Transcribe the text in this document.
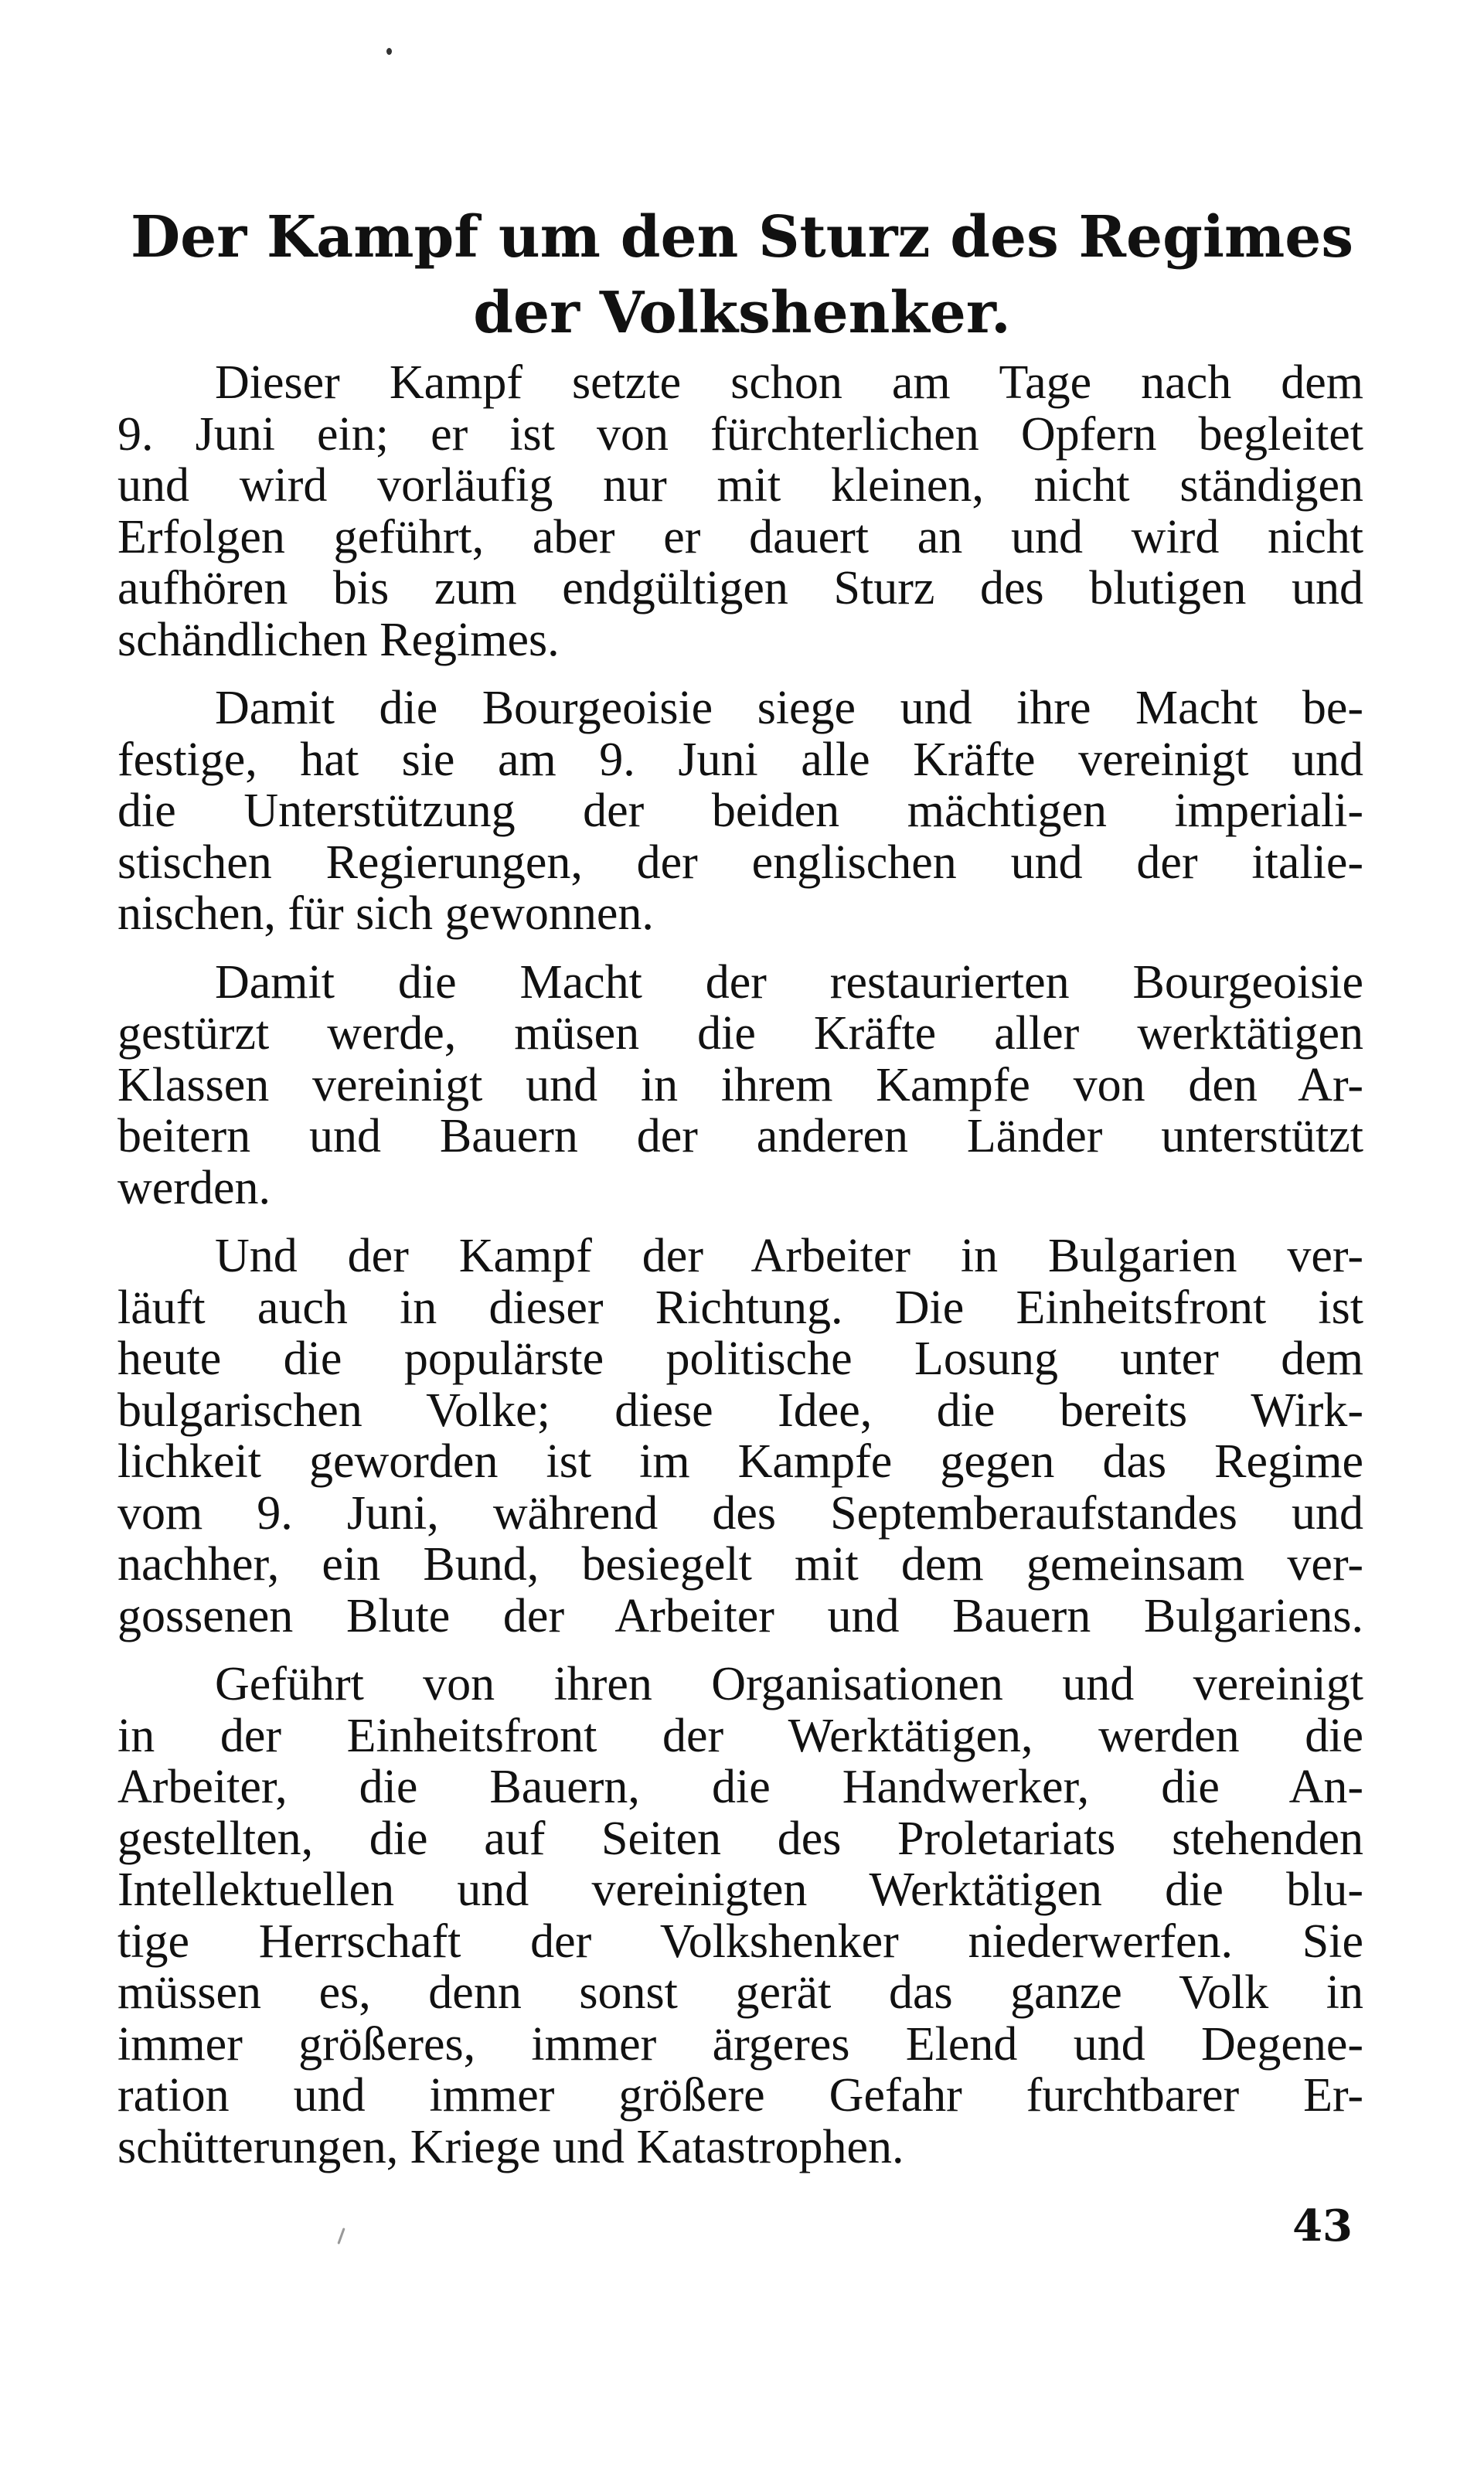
Der Kampf um den Sturz des Regimes
der Volkshenker.

Dieser Kampf setzte schon am Tage nach dem
9. Juni ein; er ist von fürchterlichen Opfern begleitet
und wird vorläufig nur mit kleinen, nicht ständigen
Erfolgen geführt, aber er dauert an und wird nicht
aufhören bis zum endgültigen Sturz des blutigen und
schändlichen Regimes.

Damit die Bourgeoisie siege und ihre Macht be-
festige, hat sie am 9. Juni alle Kräfte vereinigt und
die Unterstützung der beiden mächtigen imperiali-
stischen Regierungen, der englischen und der italie-
nischen, für sich gewonnen.

Damit die Macht der restaurierten Bourgeoisie
gestürzt werde, müsen die Kräfte aller werktätigen
Klassen vereinigt und in ihrem Kampfe von den Ar-
beitern und Bauern der anderen Länder unterstützt
werden.

Und der Kampf der Arbeiter in Bulgarien ver-
läuft auch in dieser Richtung. Die Einheitsfront ist
heute die populärste politische Losung unter dem
bulgarischen Volke; diese Idee, die bereits Wirk-
lichkeit geworden ist im Kampfe gegen das Regime
vom 9. Juni, während des Septemberaufstandes und
nachher, ein Bund, besiegelt mit dem gemeinsam ver-
gossenen Blute der Arbeiter und Bauern Bulgariens.

Geführt von ihren Organisationen und vereinigt
in der Einheitsfront der Werktätigen, werden die
Arbeiter, die Bauern, die Handwerker, die An-
gestellten, die auf Seiten des Proletariats stehenden
Intellektuellen und vereinigten Werktätigen die blu-
tige Herrschaft der Volkshenker niederwerfen. Sie
müssen es, denn sonst gerät das ganze Volk in
immer größeres, immer ärgeres Elend und Degene-
ration und immer größere Gefahr furchtbarer Er-
schütterungen, Kriege und Katastrophen.

43
